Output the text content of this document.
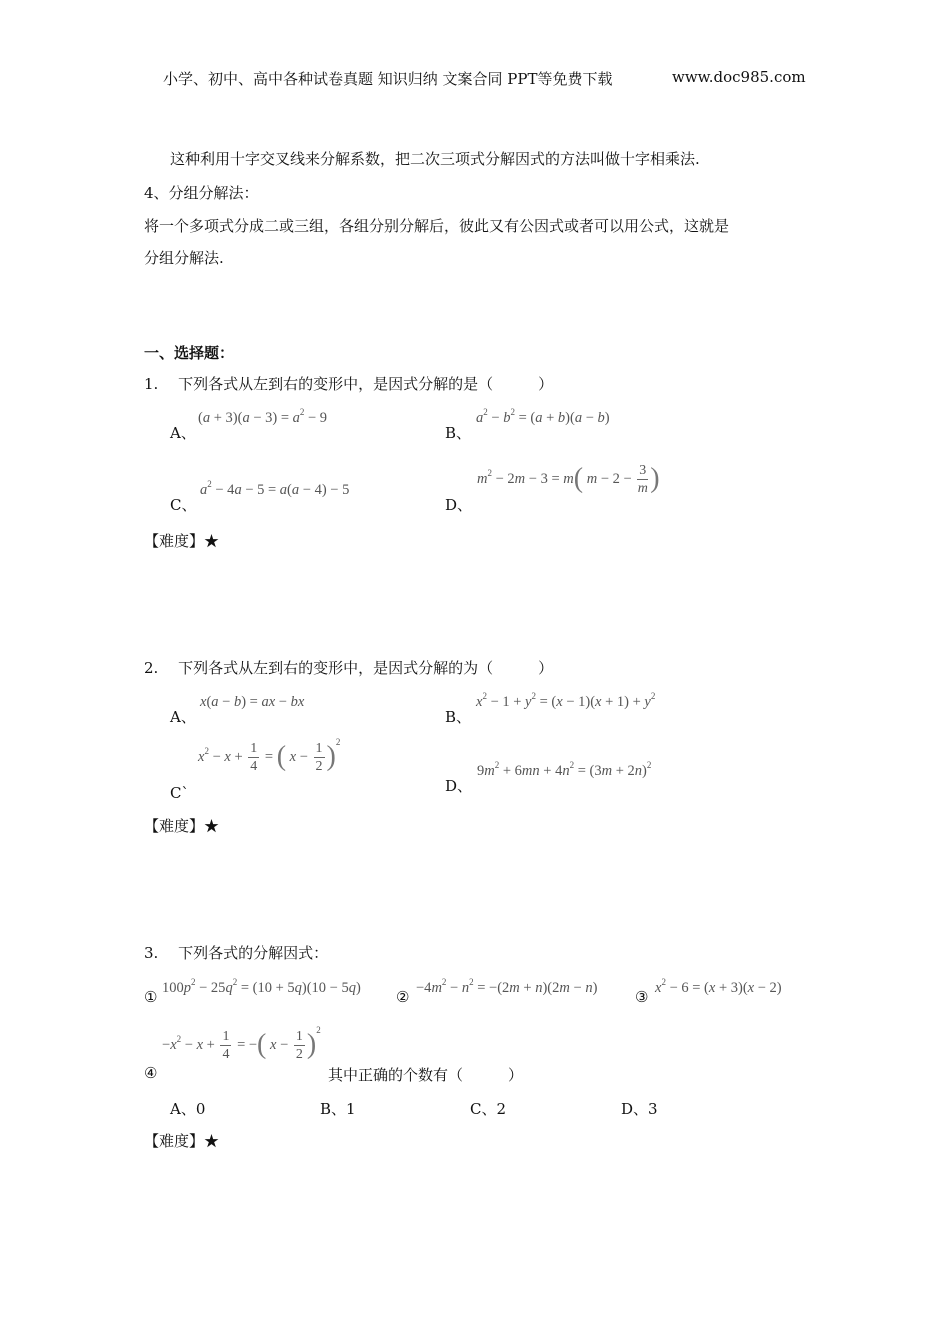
小学、初中、高中各种试卷真题 知识归纳 文案合同 PPT等免费下载	www.doc985.com
这种利用十字交叉线来分解系数，把二次三项式分解因式的方法叫做十字相乘法.
4、分组分解法：
将一个多项式分成二或三组，各组分别分解后，彼此又有公因式或者可以用公式，这就是
分组分解法.
一、选择题：
1.　 下列各式从左到右的变形中，是因式分解的是（　　　）
A、
$(a + 3)(a - 3) = a^2 - 9$
B、
$a^2 - b^2 = (a + b)(a - b)$
C、
$a^2 - 4a - 5 = a(a - 4) - 5$
D、
$m^2 - 2m - 3 = m$( $m - 2 - \frac{3}{m}$ )
【难度】★
2.　 下列各式从左到右的变形中，是因式分解的为（　　　）
A、
x(a − b) = ax − bx
B、
$x^2 - 1 + y^2 = (x - 1)(x + 1) + y^2$
$x^2 - x + \frac{1}{4}$ = ( $x - \frac{1}{2} )^2$
C`	D、
$9m^2 + 6mn + 4n^2 = (3m + 2n)^2$
【难度】★
3.　 下列各式的分解因式：
① $100p^2 - 25q^2 = (10 + 5q)(10 - 5q)$ ② $-4m^2 - n^2 = -(2m + n)(2m - n)$	③ $x^2 - 6 = (x + 3)(x - 2)$
④
$-x^2 - x + \frac{1}{4}$ = −( $x - \frac{1}{2} )^2$
其中正确的个数有（　　　）
A、0	B、1	C、2	D、3
【难度】★
